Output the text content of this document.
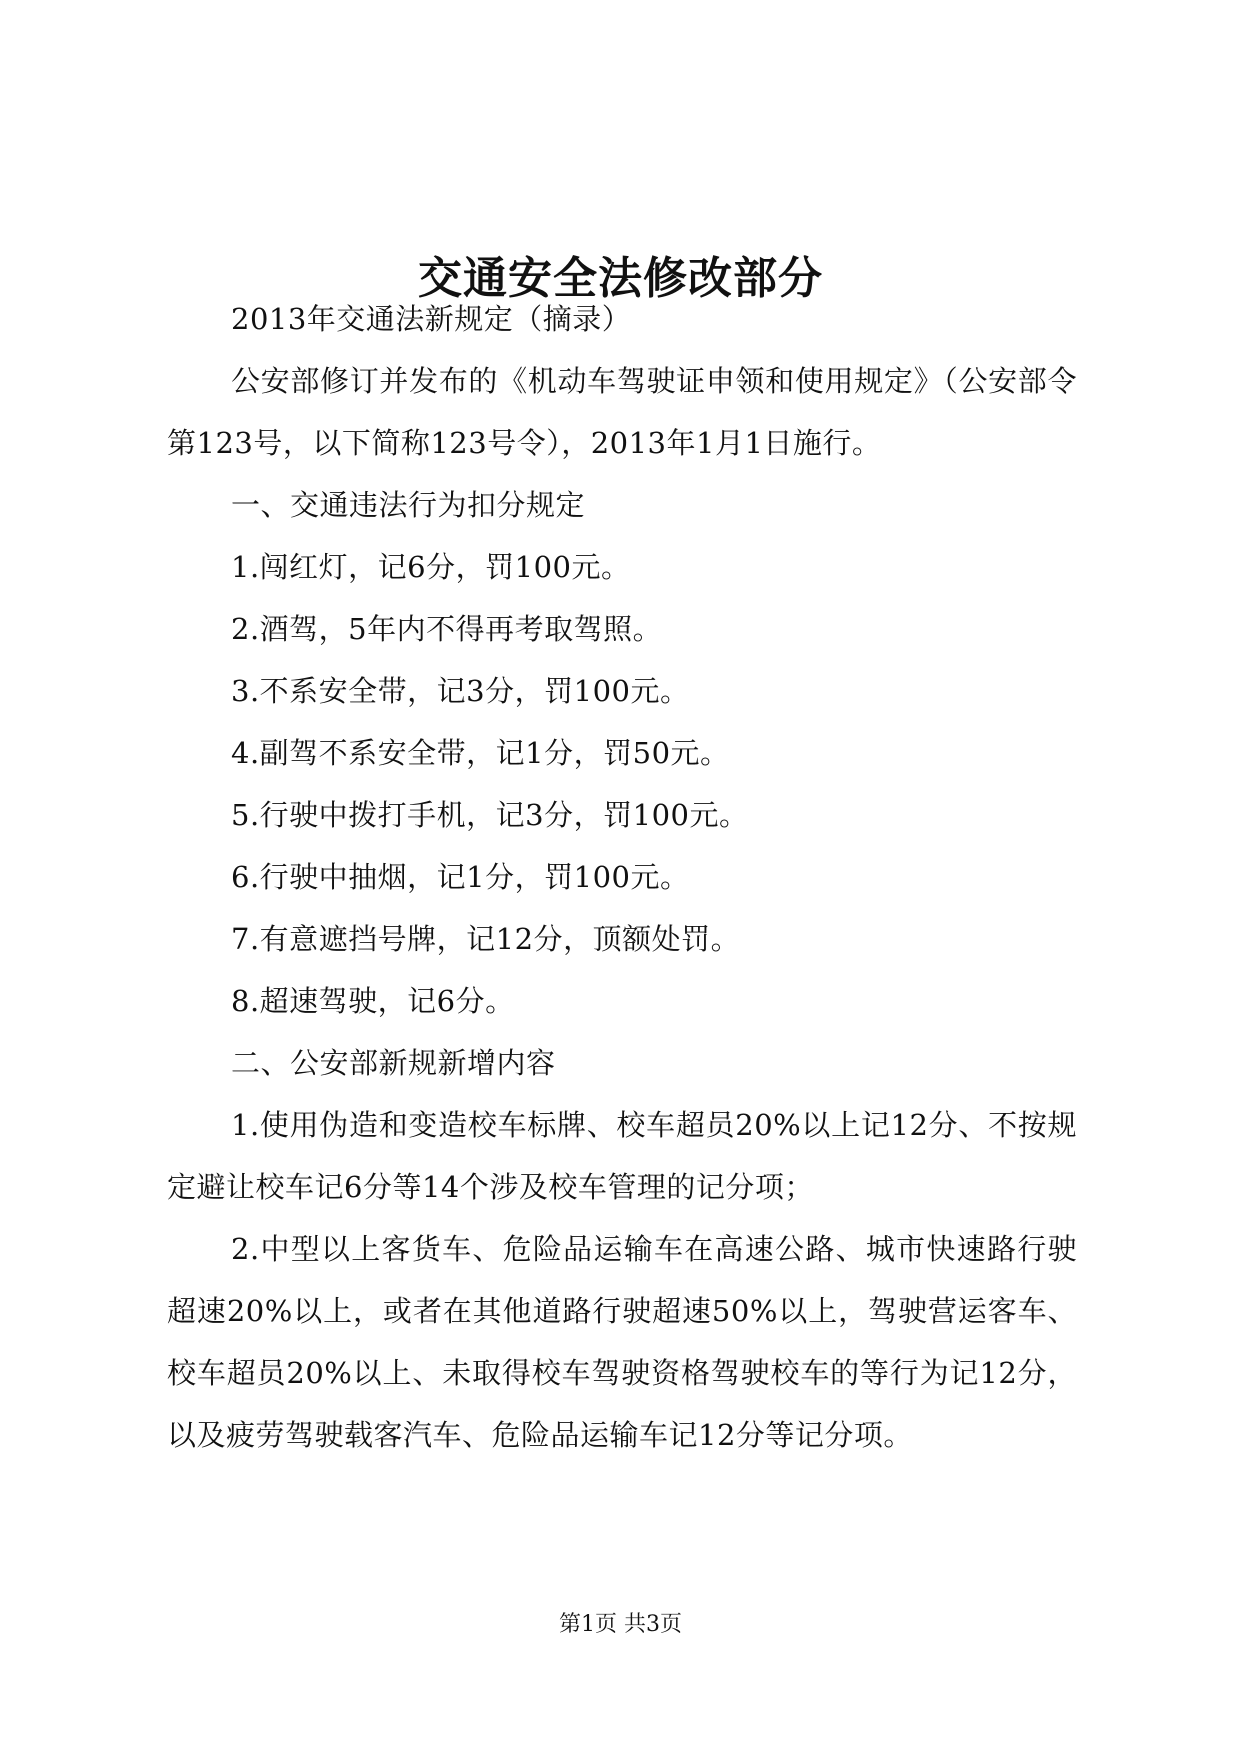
交通安全法修改部分

2013年交通法新规定（摘录）

公安部修订并发布的《机动车驾驶证申领和使用规定》（公安部令第123号，以下简称123号令），2013年1月1日施行。

一、交通违法行为扣分规定

1.闯红灯，记6分，罚100元。

2.酒驾，5年内不得再考取驾照。

3.不系安全带，记3分，罚100元。

4.副驾不系安全带，记1分，罚50元。

5.行驶中拨打手机，记3分，罚100元。

6.行驶中抽烟，记1分，罚100元。

7.有意遮挡号牌，记12分，顶额处罚。

8.超速驾驶，记6分。

二、公安部新规新增内容

1.使用伪造和变造校车标牌、校车超员20%以上记12分、不按规定避让校车记6分等14个涉及校车管理的记分项；

2.中型以上客货车、危险品运输车在高速公路、城市快速路行驶超速20%以上，或者在其他道路行驶超速50%以上，驾驶营运客车、校车超员20%以上、未取得校车驾驶资格驾驶校车的等行为记12分，以及疲劳驾驶载客汽车、危险品运输车记12分等记分项。

第1页 共3页
